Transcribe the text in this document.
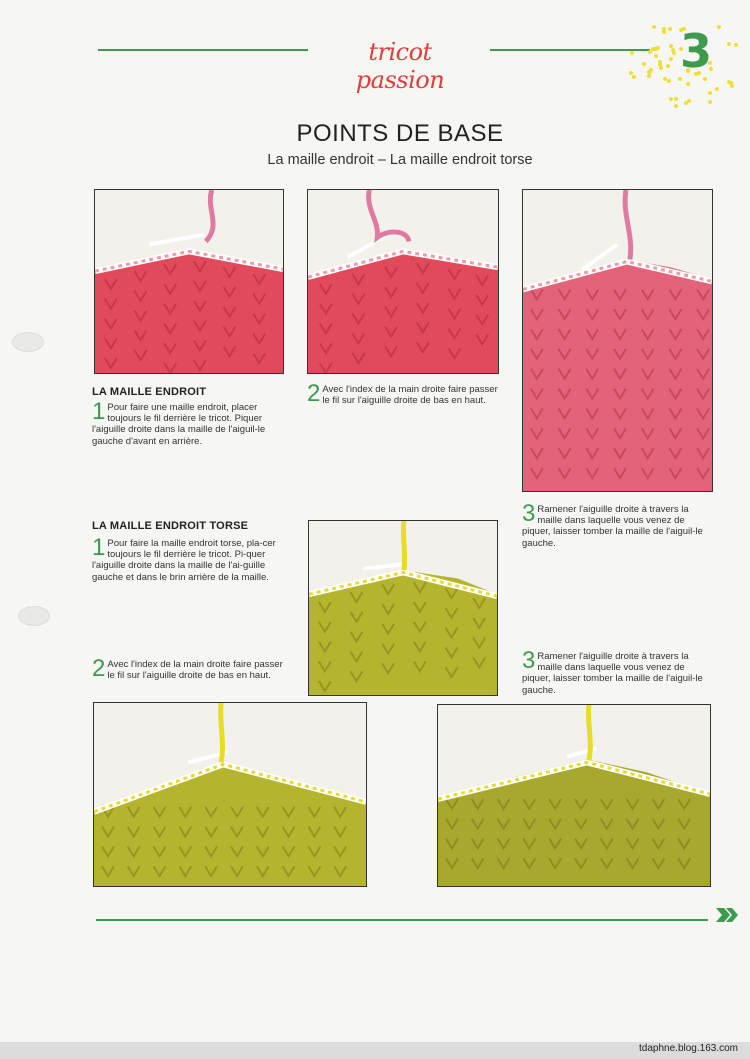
tricot passion
3
POINTS DE BASE
La maille endroit – La maille endroit torse
LA MAILLE ENDROIT
1 Pour faire une maille endroit, placer toujours le fil derrière le tricot. Piquer l'aiguille droite dans la maille de l'aiguil-le gauche d'avant en arrière.
2 Avec l'index de la main droite faire passer le fil sur l'aiguille droite de bas en haut.
3 Ramener l'aiguille droite à travers la maille dans laquelle vous venez de piquer, laisser tomber la maille de l'aiguil-le gauche.
LA MAILLE ENDROIT TORSE
1 Pour faire la maille endroit torse, pla-cer toujours le fil derrière le tricot. Pi-quer l'aiguille droite dans la maille de l'ai-guille gauche et dans le brin arrière de la maille.
2 Avec l'index de la main droite faire passer le fil sur l'aiguille droite de bas en haut.
3 Ramener l'aiguille droite à travers la maille dans laquelle vous venez de piquer, laisser tomber la maille de l'aiguil-le gauche.
tdaphne.blog.163.com
